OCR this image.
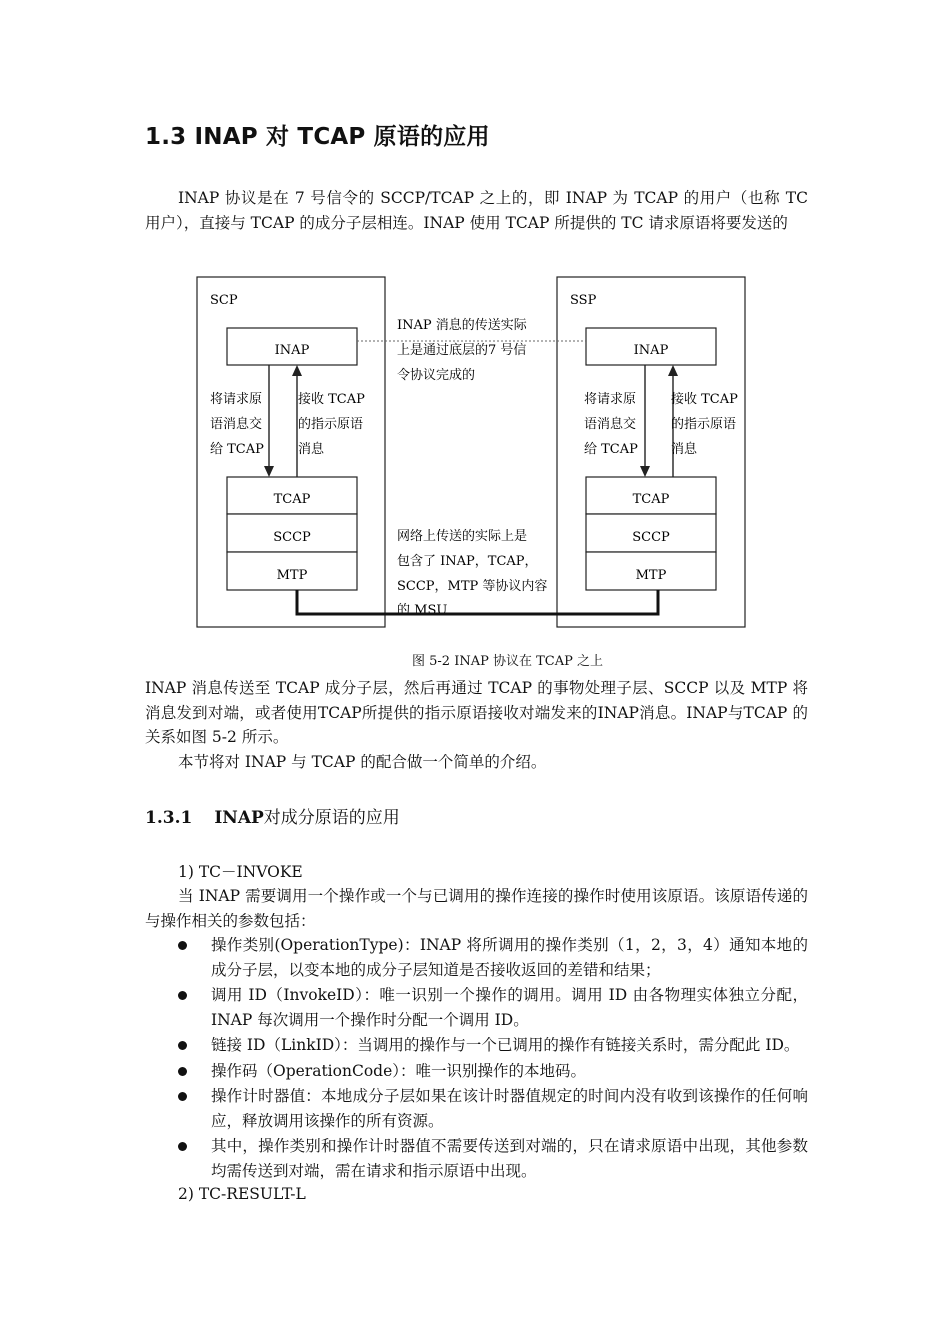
1.3 INAP 对 TCAP 原语的应用

INAP 协议是在 7 号信令的 SCCP/TCAP 之上的，即 INAP 为 TCAP 的用户（也称 TC 用户），直接与 TCAP 的成分子层相连。INAP 使用 TCAP 所提供的 TC 请求原语将要发送的

SCP	SSP
INAP	INAP
TCAP
SCCP
MTP
TCAP
SCCP
MTP
将请求原
语消息交
给 TCAP
接收 TCAP
的指示原语
消息
将请求原
语消息交
给 TCAP
接收 TCAP
的指示原语
消息
INAP 消息的传送实际
上是通过底层的7 号信
令协议完成的
网络上传送的实际上是
包含了 INAP，TCAP，
SCCP，MTP 等协议内容
的 MSU
图 5-2 INAP 协议在 TCAP 之上

INAP 消息传送至 TCAP 成分子层，然后再通过 TCAP 的事物处理子层、SCCP 以及 MTP 将消息发到对端，或者使用TCAP所提供的指示原语接收对端发来的INAP消息。INAP与TCAP 的关系如图 5-2 所示。

本节将对 INAP 与 TCAP 的配合做一个简单的介绍。

1.3.1 INAP对成分原语的应用
1) TC－INVOKE

当 INAP 需要调用一个操作或一个与已调用的操作连接的操作时使用该原语。该原语传递的与操作相关的参数包括：

操作类别(OperationType)：INAP 将所调用的操作类别（1，2，3，4）通知本地的成分子层，以变本地的成分子层知道是否接收返回的差错和结果；
调用 ID（InvokeID）：唯一识别一个操作的调用。调用 ID 由各物理实体独立分配，INAP 每次调用一个操作时分配一个调用 ID。
链接 ID（LinkID）：当调用的操作与一个已调用的操作有链接关系时，需分配此 ID。
操作码（OperationCode）：唯一识别操作的本地码。
操作计时器值：本地成分子层如果在该计时器值规定的时间内没有收到该操作的任何响应，释放调用该操作的所有资源。
其中，操作类别和操作计时器值不需要传送到对端的，只在请求原语中出现，其他参数均需传送到对端，需在请求和指示原语中出现。
2) TC-RESULT-L
